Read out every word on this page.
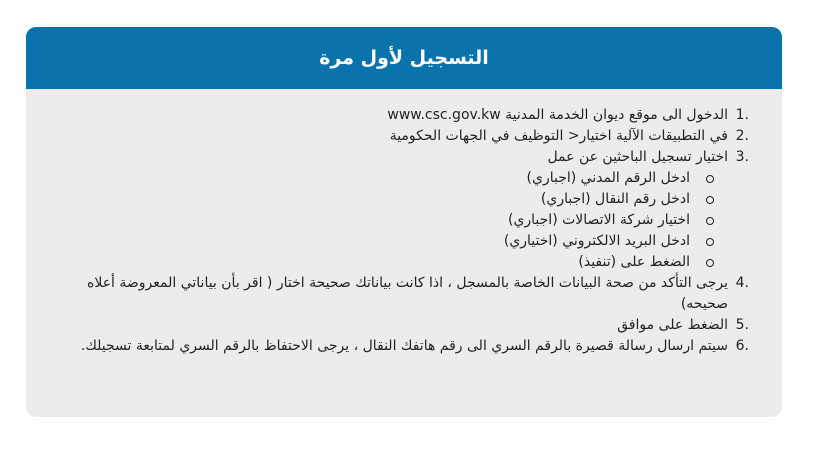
التسجيل لأول مرة
1.
الدخول الى موقع ديوان الخدمة المدنية www.csc.gov.kw
2.
في التطبيقات الآلية اختيار< التوظيف في الجهات الحكومية
3.
اختيار تسجيل الباحثين عن عمل
ادخل الرقم المدني (اجباري)
ادخل رقم النقال (اجباري)
اختيار شركة الاتصالات (اجباري)
ادخل البريد الالكتروني (اختياري)
الضغط على (تنفيذ)
4.
يرجى التأكد من صحة البيانات الخاصة بالمسجل ، اذا كانت بياناتك صحيحة اختار ( اقر بأن بياناتي المعروضة أعلاه صحيحه)
5.
الضغط على موافق
6.
سيتم ارسال رسالة قصيرة بالرقم السري الى رقم هاتفك النقال ، يرجى الاحتفاظ بالرقم السري لمتابعة تسجيلك.
